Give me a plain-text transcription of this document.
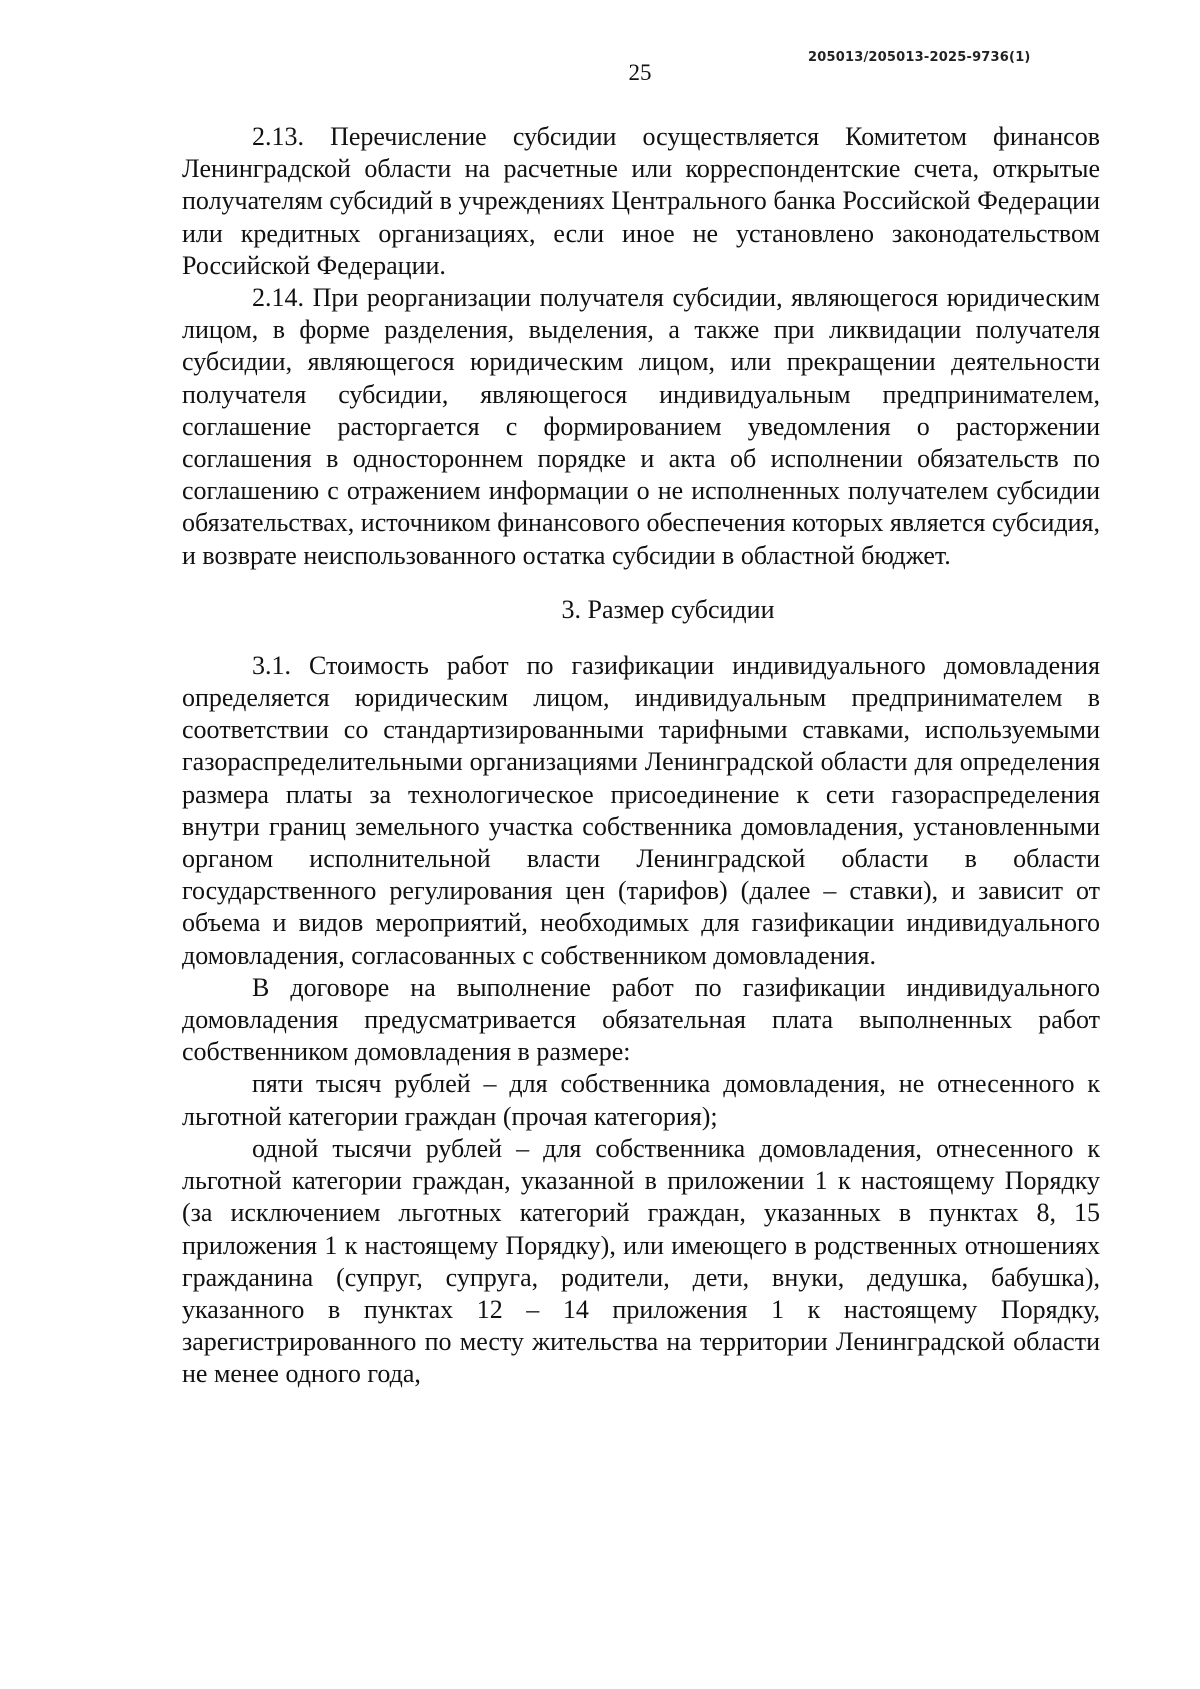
205013/205013-2025-9736(1)
25

2.13. Перечисление субсидии осуществляется Комитетом финансов Ленинградской области на расчетные или корреспондентские счета, открытые получателям субсидий в учреждениях Центрального банка Российской Федерации или кредитных организациях, если иное не установлено законодательством Российской Федерации.

2.14. При реорганизации получателя субсидии, являющегося юридическим лицом, в форме разделения, выделения, а также при ликвидации получателя субсидии, являющегося юридическим лицом, или прекращении деятельности получателя субсидии, являющегося индивидуальным предпринимателем, соглашение расторгается с формированием уведомления о расторжении соглашения в одностороннем порядке и акта об исполнении обязательств по соглашению с отражением информации о не исполненных получателем субсидии обязательствах, источником финансового обеспечения которых является субсидия, и возврате неиспользованного остатка субсидии в областной бюджет.

3. Размер субсидии

3.1. Стоимость работ по газификации индивидуального домовладения определяется юридическим лицом, индивидуальным предпринимателем в соответствии со стандартизированными тарифными ставками, используемыми газораспределительными организациями Ленинградской области для определения размера платы за технологическое присоединение к сети газораспределения внутри границ земельного участка собственника домовладения, установленными органом исполнительной власти Ленинградской области в области государственного регулирования цен (тарифов) (далее – ставки), и зависит от объема и видов мероприятий, необходимых для газификации индивидуального домовладения, согласованных с собственником домовладения.

В договоре на выполнение работ по газификации индивидуального домовладения предусматривается обязательная плата выполненных работ собственником домовладения в размере:

пяти тысяч рублей – для собственника домовладения, не отнесенного к льготной категории граждан (прочая категория);

одной тысячи рублей – для собственника домовладения, отнесенного к льготной категории граждан, указанной в приложении 1 к настоящему Порядку (за исключением льготных категорий граждан, указанных в пунктах 8, 15 приложения 1 к настоящему Порядку), или имеющего в родственных отношениях гражданина (супруг, супруга, родители, дети, внуки, дедушка, бабушка), указанного в пунктах 12 – 14 приложения 1 к настоящему Порядку, зарегистрированного по месту жительства на территории Ленинградской области не менее одного года,
